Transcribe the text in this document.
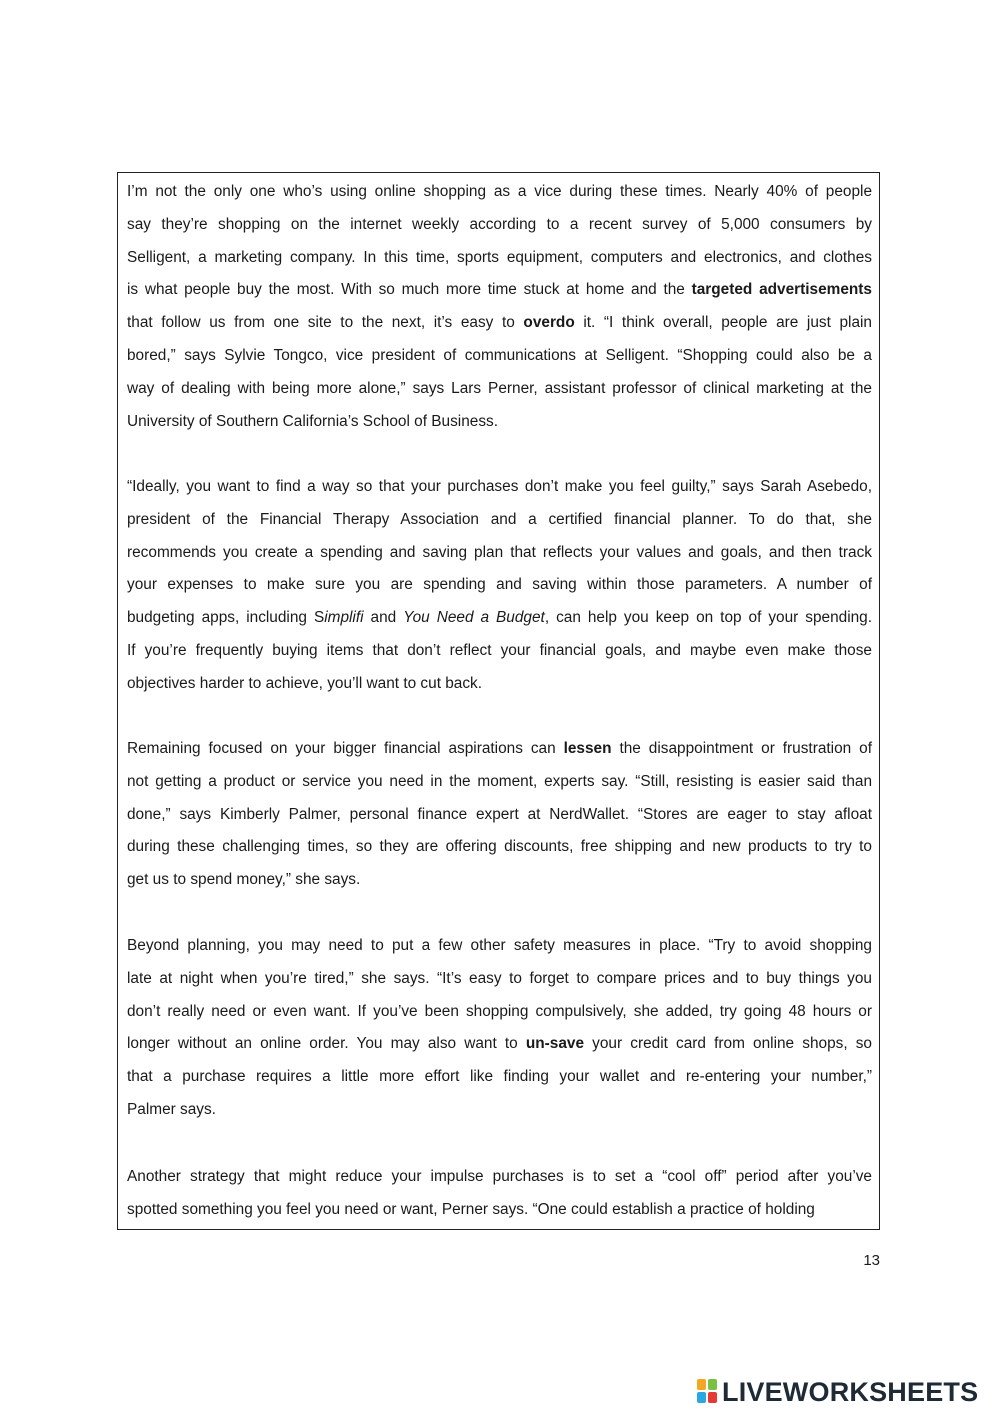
I’m not the only one who’s using online shopping as a vice during these times. Nearly 40% of people
say they’re shopping on the internet weekly according to a recent survey of 5,000 consumers by
Selligent, a marketing company. In this time, sports equipment, computers and electronics, and clothes
is what people buy the most. With so much more time stuck at home and the targeted advertisements
that follow us from one site to the next, it’s easy to overdo it. “I think overall, people are just plain
bored,” says Sylvie Tongco, vice president of communications at Selligent. “Shopping could also be a
way of dealing with being more alone,” says Lars Perner, assistant professor of clinical marketing at the
University of Southern California’s School of Business.
“Ideally, you want to find a way so that your purchases don’t make you feel guilty,” says Sarah Asebedo,
president of the Financial Therapy Association and a certified financial planner. To do that, she
recommends you create a spending and saving plan that reflects your values and goals, and then track
your expenses to make sure you are spending and saving within those parameters. A number of
budgeting apps, including Simplifi and You Need a Budget, can help you keep on top of your spending.
If you’re frequently buying items that don’t reflect your financial goals, and maybe even make those
objectives harder to achieve, you’ll want to cut back.
Remaining focused on your bigger financial aspirations can lessen the disappointment or frustration of
not getting a product or service you need in the moment, experts say. “Still, resisting is easier said than
done,” says Kimberly Palmer, personal finance expert at NerdWallet. “Stores are eager to stay afloat
during these challenging times, so they are offering discounts, free shipping and new products to try to
get us to spend money,” she says.
Beyond planning, you may need to put a few other safety measures in place. “Try to avoid shopping
late at night when you’re tired,” she says. “It’s easy to forget to compare prices and to buy things you
don’t really need or even want. If you’ve been shopping compulsively, she added, try going 48 hours or
longer without an online order. You may also want to un-save your credit card from online shops, so
that a purchase requires a little more effort like finding your wallet and re-entering your number,”
Palmer says.
Another strategy that might reduce your impulse purchases is to set a “cool off” period after you’ve
spotted something you feel you need or want, Perner says. “One could establish a practice of holding
13
LIVEWORKSHEETS
